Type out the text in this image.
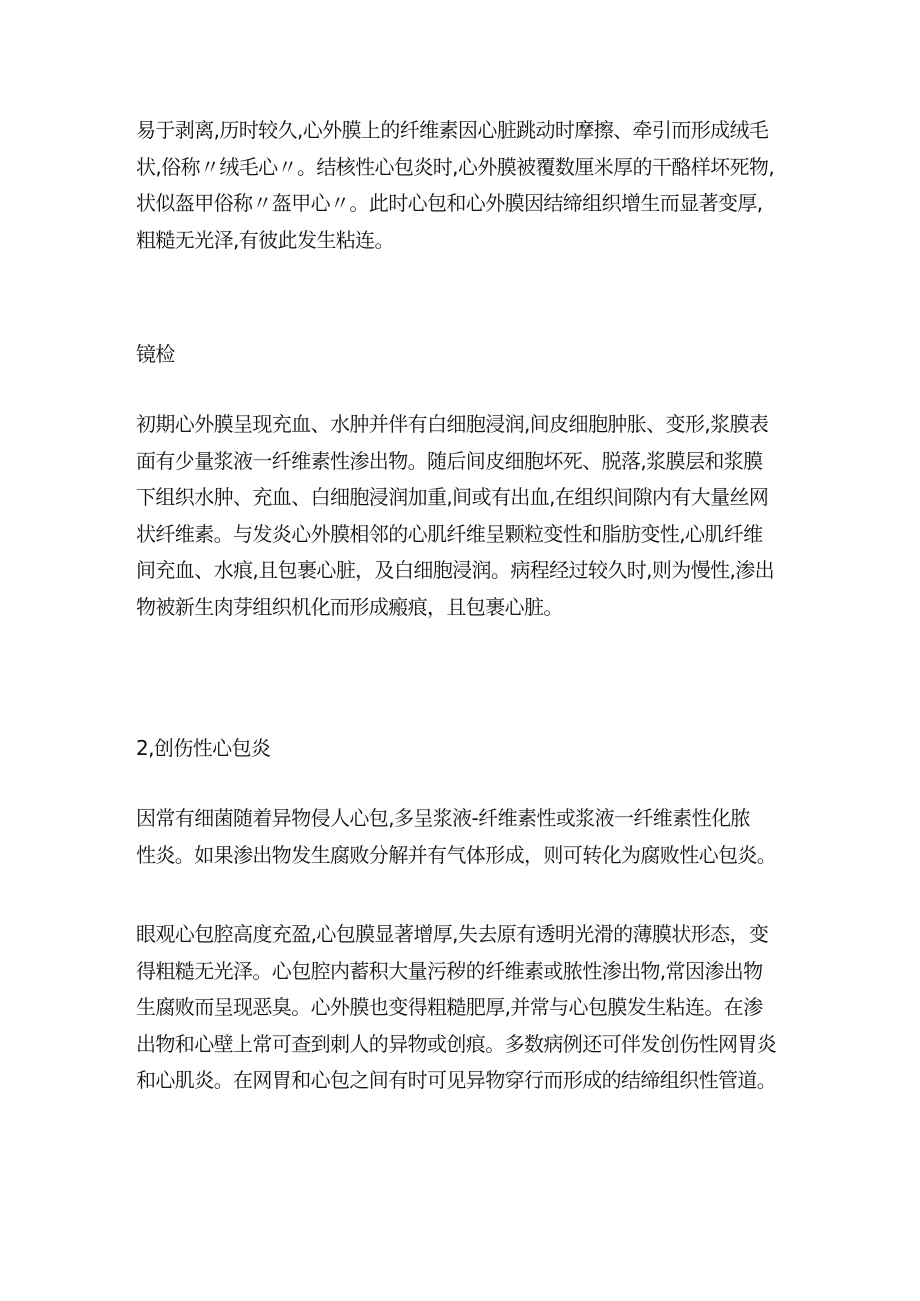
易于剥离,历时较久,心外膜上的纤维素因心脏跳动时摩擦、牵引而形成绒毛
状,俗称〃绒毛心〃。结核性心包炎时,心外膜被覆数厘米厚的干酪样坏死物,
状似盔甲俗称〃盔甲心〃。此时心包和心外膜因结缔组织增生而显著变厚,
粗糙无光泽,有彼此发生粘连。
镜检
初期心外膜呈现充血、水肿并伴有白细胞浸润,间皮细胞肿胀、变形,浆膜表
面有少量浆液一纤维素性渗出物。随后间皮细胞坏死、脱落,浆膜层和浆膜
下组织水肿、充血、白细胞浸润加重,间或有出血,在组织间隙内有大量丝网
状纤维素。与发炎心外膜相邻的心肌纤维呈颗粒变性和脂肪变性,心肌纤维
间充血、水痕,且包裹心脏，及白细胞浸润。病程经过较久时,则为慢性,渗出
物被新生肉芽组织机化而形成瘢痕，且包裹心脏。
2,创伤性心包炎
因常有细菌随着异物侵人心包,多呈浆液-纤维素性或浆液一纤维素性化脓
性炎。如果渗出物发生腐败分解并有气体形成，则可转化为腐败性心包炎。
眼观心包腔高度充盈,心包膜显著增厚,失去原有透明光滑的薄膜状形态，变
得粗糙无光泽。心包腔内蓄积大量污秽的纤维素或脓性渗出物,常因渗出物
生腐败而呈现恶臭。心外膜也变得粗糙肥厚,并常与心包膜发生粘连。在渗
出物和心壁上常可查到刺人的异物或创痕。多数病例还可伴发创伤性网胃炎
和心肌炎。在网胃和心包之间有时可见异物穿行而形成的结缔组织性管道。
